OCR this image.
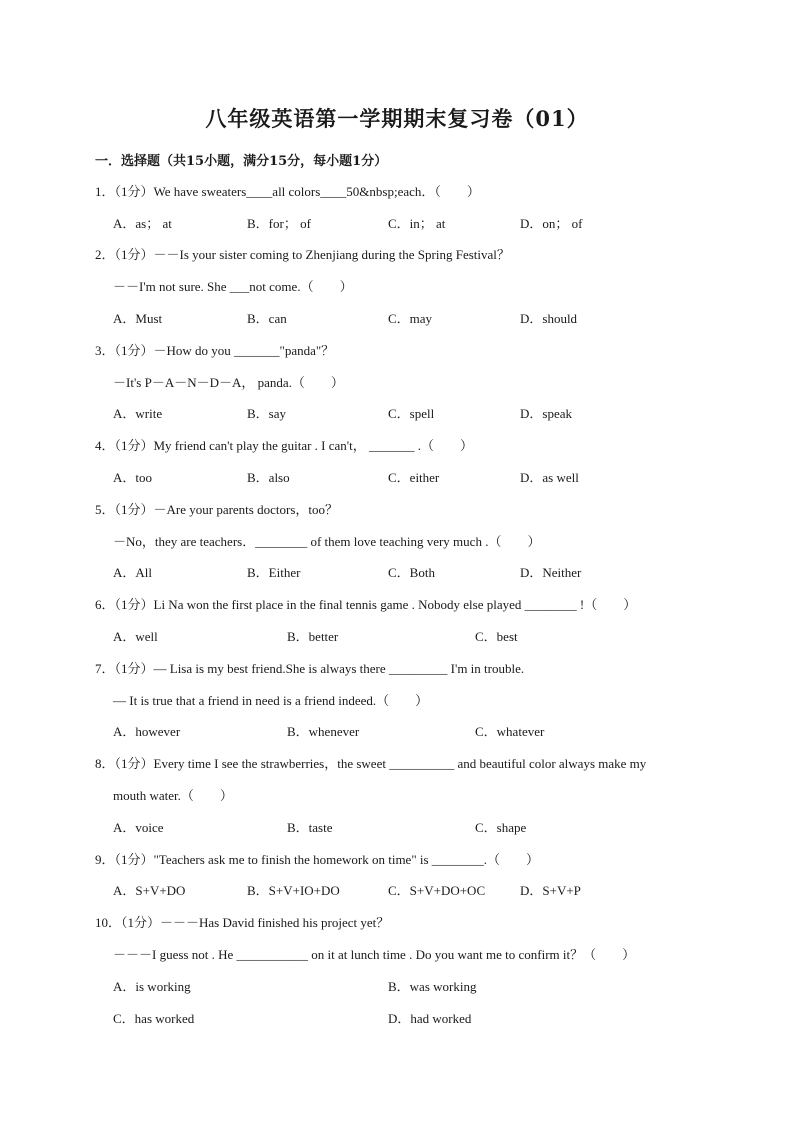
八年级英语第一学期期末复习卷（01）
一．选择题（共15小题，满分15分，每小题1分）
1．（1分）We have sweaters____all colors____50&nbsp;each．（　　）
A．as； at	B．for； of	C．in； at	D．on； of
2．（1分）－－Is your sister coming to Zhenjiang during the Spring Festival？
－－I'm not sure. She ___not come.（　　）
A．Must	B．can	C．may	D．should
3．（1分）－How do you _______"panda"？
－It's P－A－N－D－A， panda.（　　）
A．write	B．say	C．spell	D．speak
4．（1分）My friend can't play the guitar . I can't， _______ .（　　）
A．too	B．also	C．either	D．as well
5．（1分）－Are your parents doctors，too？
－No，they are teachers．________ of them love teaching very much .（　　）
A．All	B．Either	C．Both	D．Neither
6．（1分）Li Na won the first place in the final tennis game . Nobody else played ________ !（　　）
A．well	B．better	C．best
7．（1分）— Lisa is my best friend.She is always there _________ I'm in trouble.
— It is true that a friend in need is a friend indeed.（　　）
A．however	B．whenever	C．whatever
8．（1分）Every time I see the strawberries，the sweet __________ and beautiful color always make my
mouth water.（　　）
A．voice	B．taste	C．shape
9．（1分）"Teachers ask me to finish the homework on time" is ________.（　　）
A．S+V+DO	B．S+V+IO+DO	C．S+V+DO+OC	D．S+V+P
10．（1分）－－－Has David finished his project yet？
－－－I guess not . He ___________ on it at lunch time . Do you want me to confirm it？（　　）
A．is working	B．was working
C．has worked	D．had worked
